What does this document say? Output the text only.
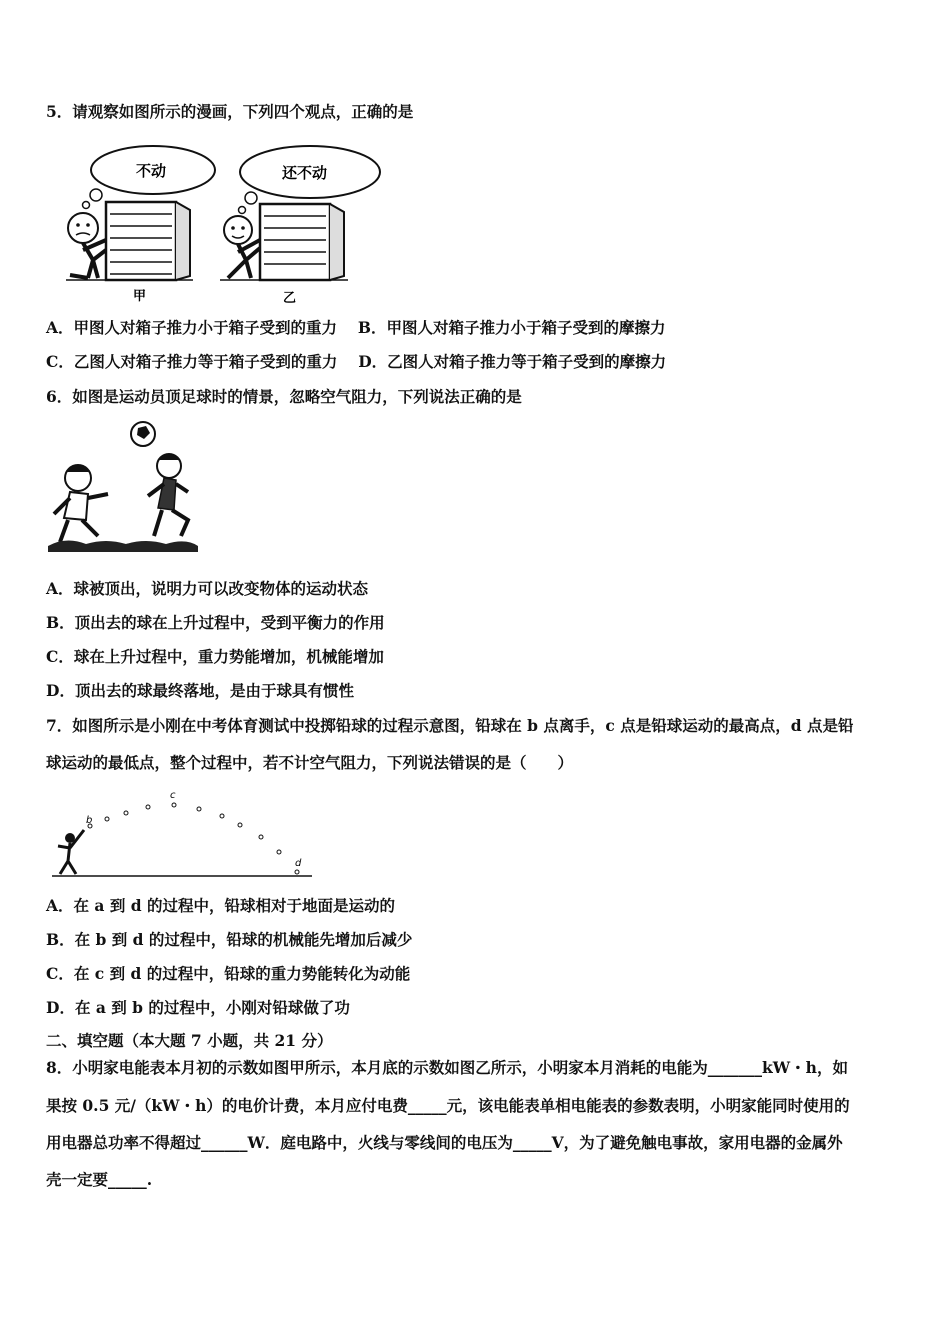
5．请观察如图所示的漫画，下列四个观点，正确的是
不动	还不动
甲	乙
A．甲图人对箱子推力小于箱子受到的重力　 B．甲图人对箱子推力小于箱子受到的摩擦力
C．乙图人对箱子推力等于箱子受到的重力　 D．乙图人对箱子推力等于箱子受到的摩擦力
6．如图是运动员顶足球时的情景，忽略空气阻力，下列说法正确的是
A．球被顶出，说明力可以改变物体的运动状态
B．顶出去的球在上升过程中，受到平衡力的作用
C．球在上升过程中，重力势能增加，机械能增加
D．顶出去的球最终落地，是由于球具有惯性
7．如图所示是小刚在中考体育测试中投掷铅球的过程示意图，铅球在 b 点离手，c 点是铅球运动的最高点，d 点是铅
球运动的最低点，整个过程中，若不计空气阻力，下列说法错误的是（　　）
b
c
d
A．在 a 到 d 的过程中，铅球相对于地面是运动的
B．在 b 到 d 的过程中，铅球的机械能先增加后减少
C．在 c 到 d 的过程中，铅球的重力势能转化为动能
D．在 a 到 b 的过程中，小刚对铅球做了功
二、填空题（本大题 7 小题，共 21 分）
8．小明家电能表本月初的示数如图甲所示，本月底的示数如图乙所示，小明家本月消耗的电能为_______kW・h，如
果按 0.5 元/（kW・h）的电价计费，本月应付电费_____元，该电能表单相电能表的参数表明，小明家能同时使用的
用电器总功率不得超过______W．庭电路中，火线与零线间的电压为_____V，为了避免触电事故，家用电器的金属外
壳一定要_____.
